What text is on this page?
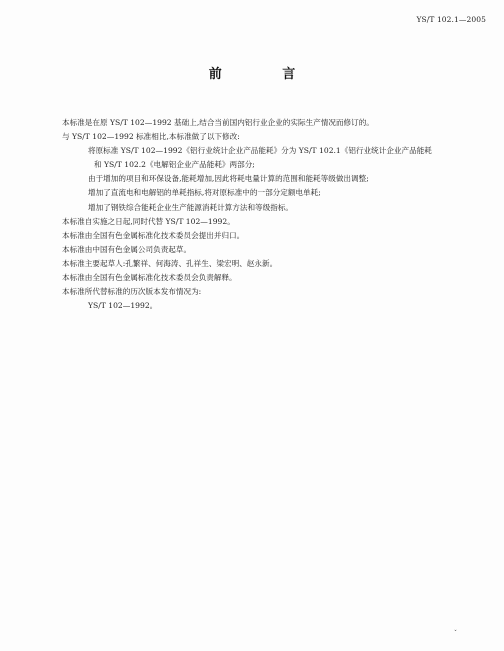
YS/T 102.1—2005
前 言
本标准是在原 YS/T 102—1992 基础上,结合当前国内铝行业企业的实际生产情况而修订的。
与 YS/T 102—1992 标准相比,本标准做了以下修改:
将原标准 YS/T 102—1992《铝行业统计企业产品能耗》分为 YS/T 102.1《铝行业统计企业产品能耗
和 YS/T 102.2《电解铝企业产品能耗》两部分;
由于增加的项目和环保设备,能耗增加,因此将耗电量计算的范围和能耗等级做出调整;
增加了直流电和电解铝的单耗指标,将对原标准中的一部分定额电单耗;
增加了钢铁综合能耗企业生产能源消耗计算方法和等级指标。
本标准自实施之日起,同时代替 YS/T 102—1992。
本标准由全国有色金属标准化技术委员会提出并归口。
本标准由中国有色金属公司负责起草。
本标准主要起草人:孔繁祥、何海涛、孔祥生、梁宏明、赵永新。
本标准由全国有色金属标准化技术委员会负责解释。
本标准所代替标准的历次版本发布情况为:
YS/T 102—1992。
ˇ
